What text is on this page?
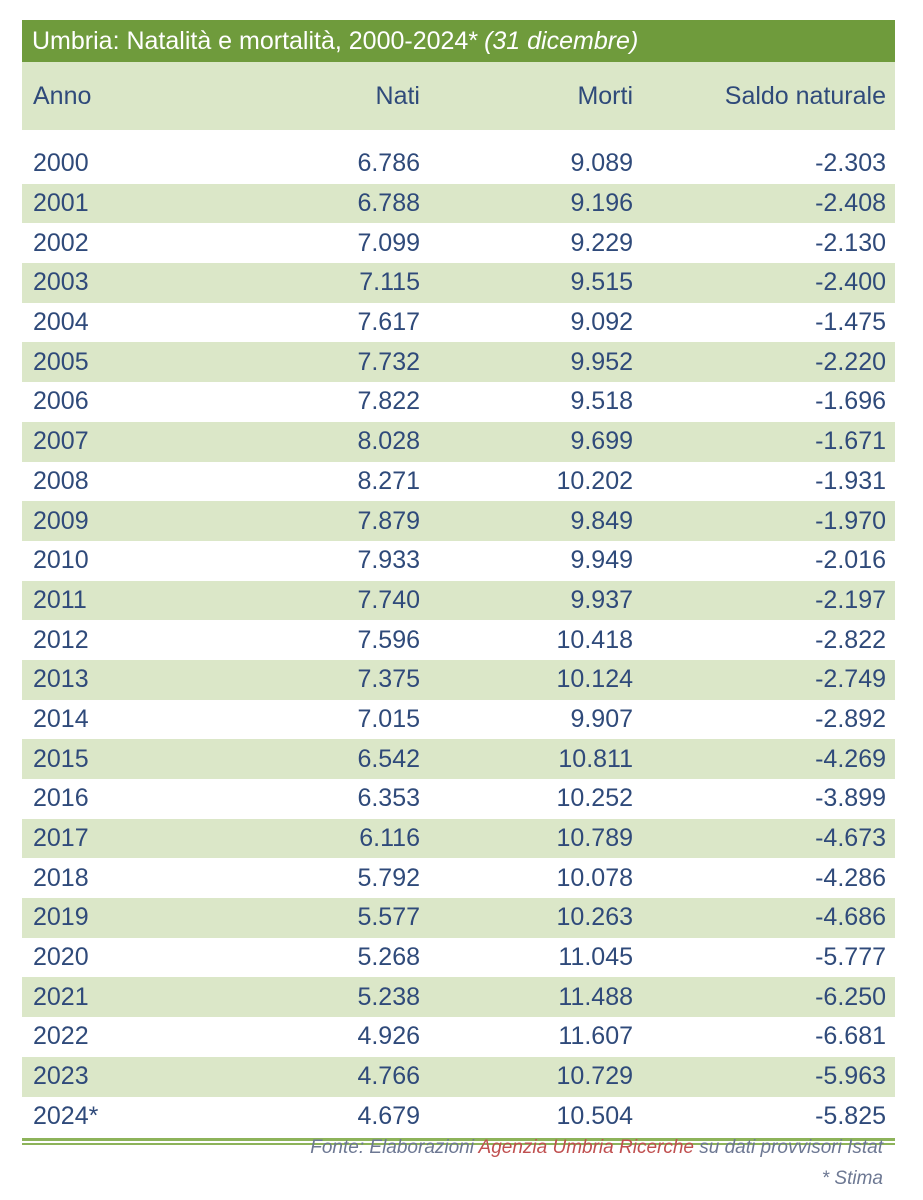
Umbria: Natalità e mortalità, 2000-2024* (31 dicembre)
Anno	Nati	Morti	Saldo naturale
2000	6.786	9.089	-2.303
2001	6.788	9.196	-2.408
2002	7.099	9.229	-2.130
2003	7.115	9.515	-2.400
2004	7.617	9.092	-1.475
2005	7.732	9.952	-2.220
2006	7.822	9.518	-1.696
2007	8.028	9.699	-1.671
2008	8.271	10.202	-1.931
2009	7.879	9.849	-1.970
2010	7.933	9.949	-2.016
2011	7.740	9.937	-2.197
2012	7.596	10.418	-2.822
2013	7.375	10.124	-2.749
2014	7.015	9.907	-2.892
2015	6.542	10.811	-4.269
2016	6.353	10.252	-3.899
2017	6.116	10.789	-4.673
2018	5.792	10.078	-4.286
2019	5.577	10.263	-4.686
2020	5.268	11.045	-5.777
2021	5.238	11.488	-6.250
2022	4.926	11.607	-6.681
2023	4.766	10.729	-5.963
2024*	4.679	10.504	-5.825
Fonte: Elaborazioni Agenzia Umbria Ricerche su dati provvisori Istat
* Stima
